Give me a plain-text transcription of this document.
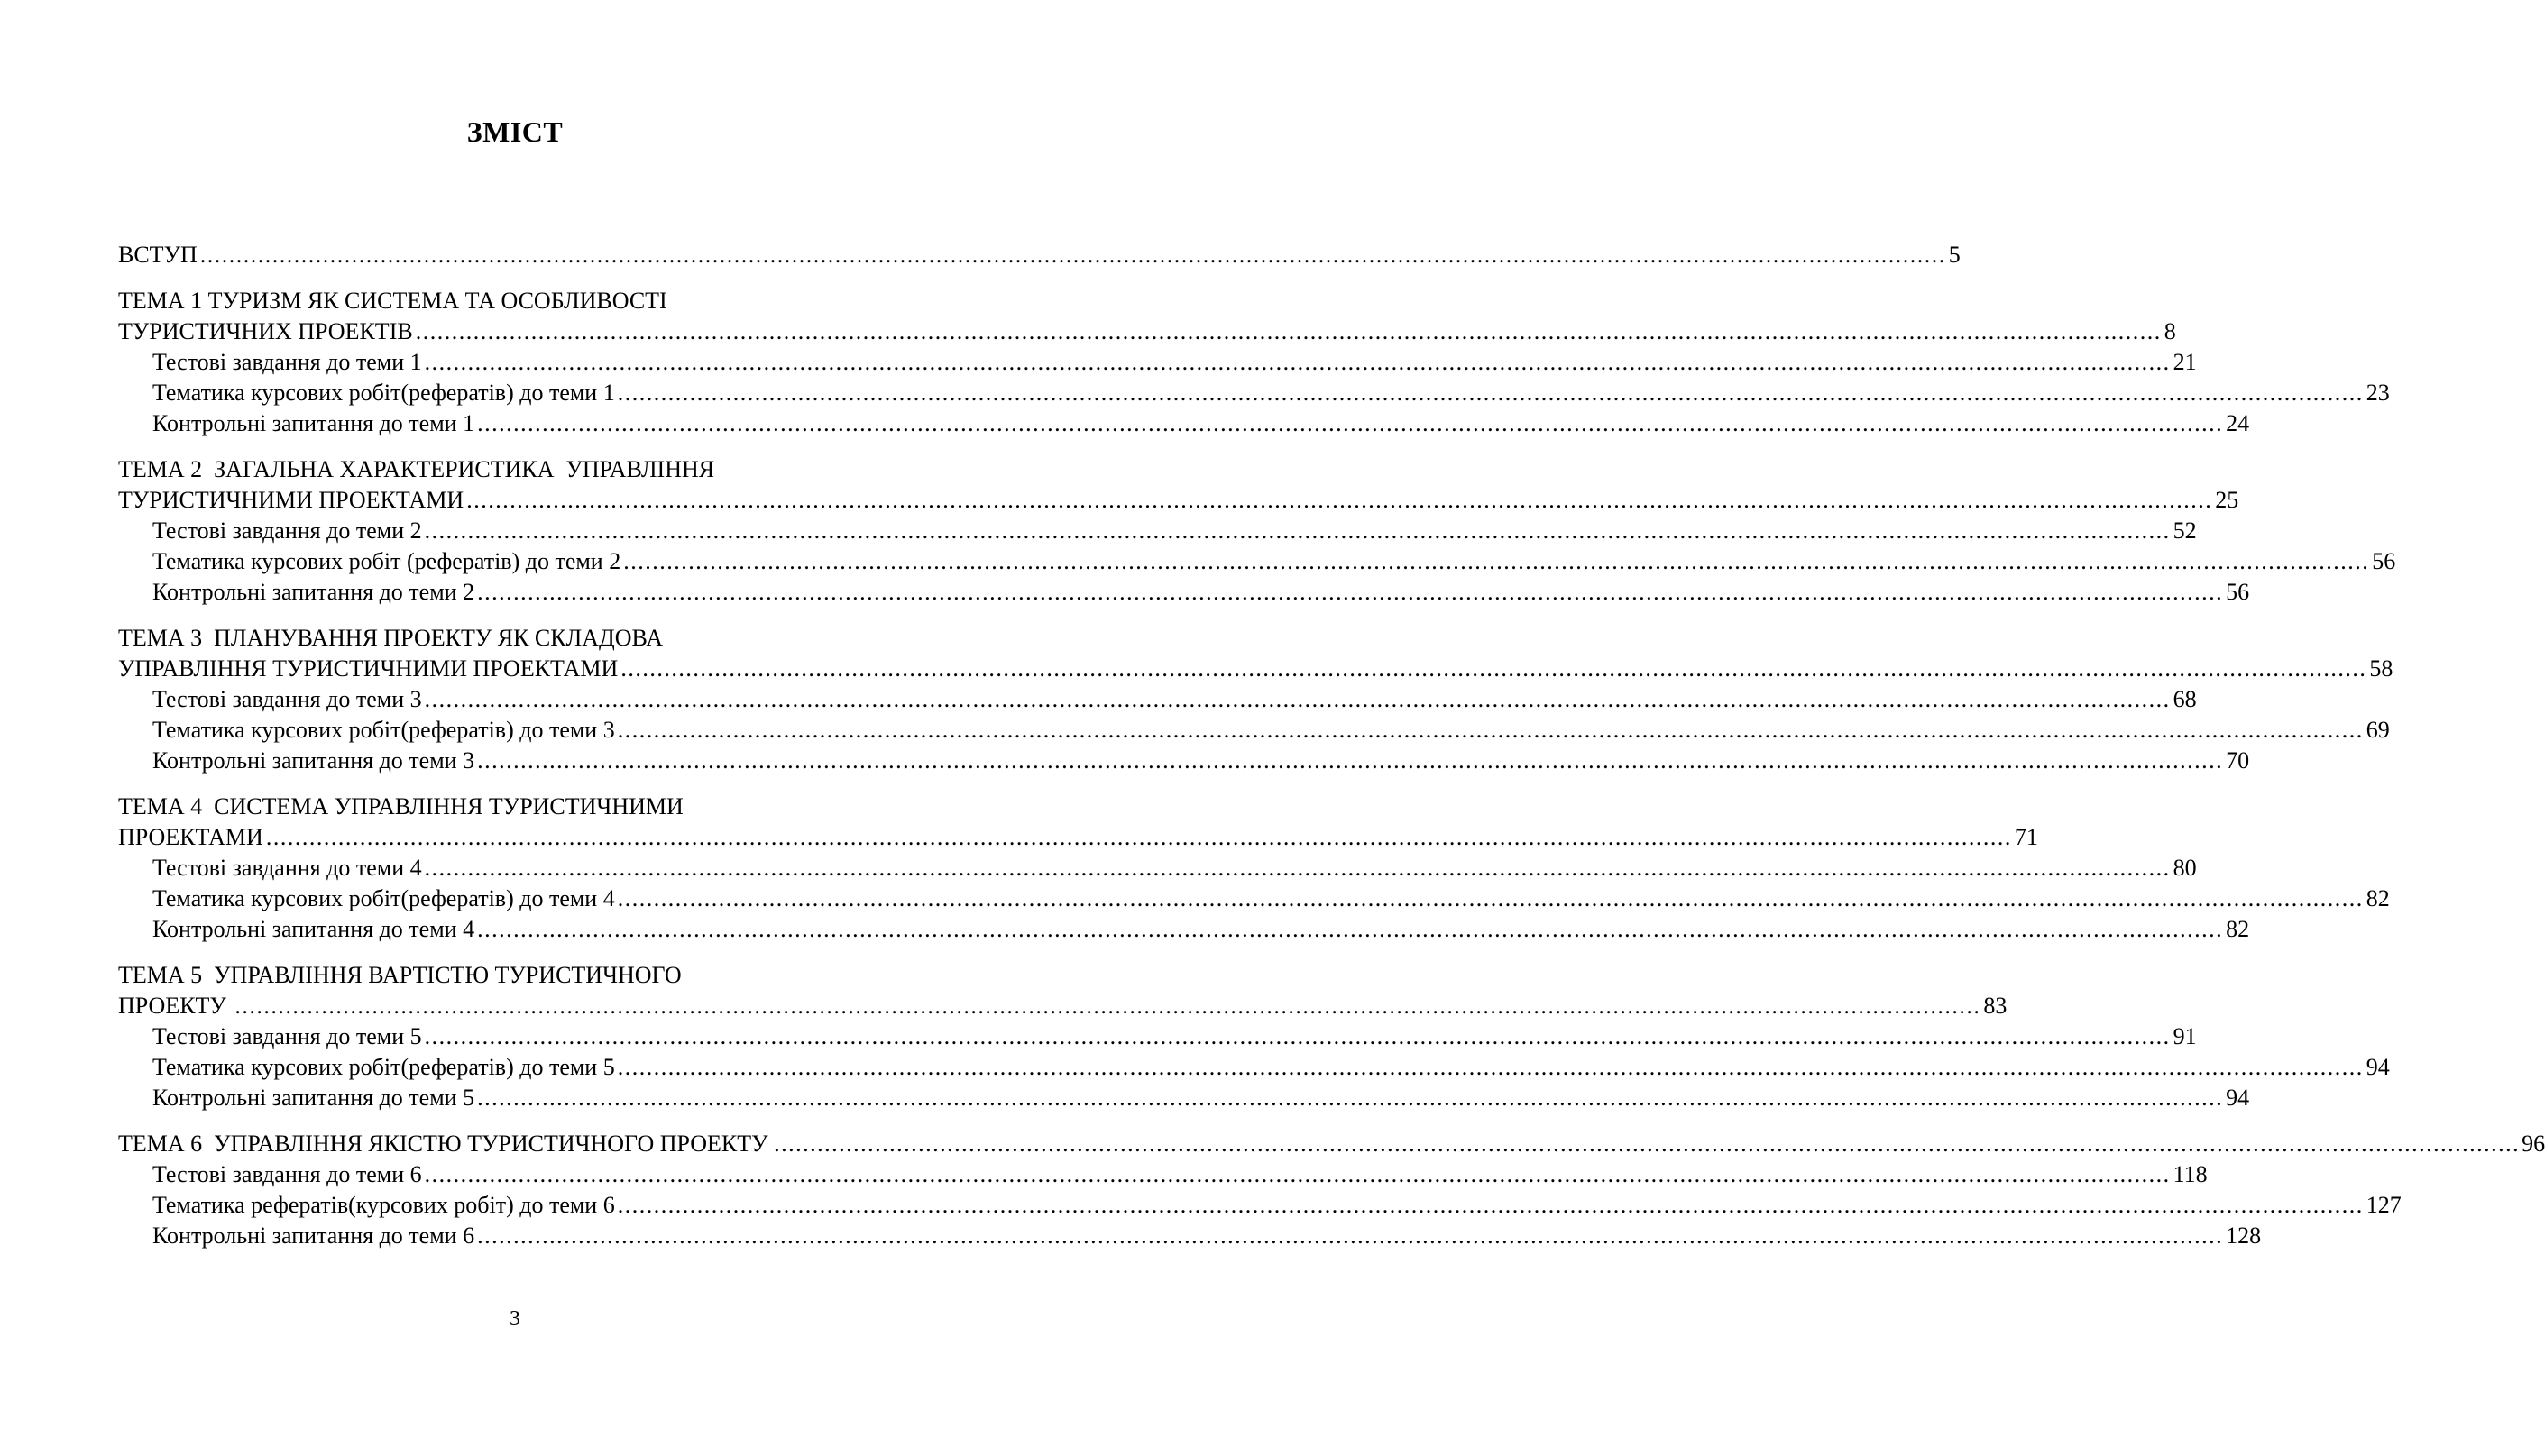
ЗМІСТ
ВСТУП .....	5
ТЕМА 1 ТУРИЗМ ЯК СИСТЕМА ТА ОСОБЛИВОСТІ
ТУРИСТИЧНИХ ПРОЕКТІВ .....	8
Тестові завдання до теми 1 .....	21
Тематика курсових робіт(рефератів) до теми 1 .....	23
Контрольні запитання до теми 1 .....	24
ТЕМА 2  ЗАГАЛЬНА ХАРАКТЕРИСТИКА  УПРАВЛІННЯ
ТУРИСТИЧНИМИ ПРОЕКТАМИ .....	25
Тестові завдання до теми 2 .....	52
Тематика курсових робіт (рефератів) до теми 2 .....	56
Контрольні запитання до теми 2 .....	56
ТЕМА 3  ПЛАНУВАННЯ ПРОЕКТУ ЯК СКЛАДОВА
УПРАВЛІННЯ ТУРИСТИЧНИМИ ПРОЕКТАМИ .....	58
Тестові завдання до теми 3 .....	68
Тематика курсових робіт(рефератів) до теми 3 .....	69
Контрольні запитання до теми 3 .....	70
ТЕМА 4  СИСТЕМА УПРАВЛІННЯ ТУРИСТИЧНИМИ
ПРОЕКТАМИ .....	71
Тестові завдання до теми 4 .....	80
Тематика курсових робіт(рефератів) до теми 4 .....	82
Контрольні запитання до теми 4 .....	82
ТЕМА 5  УПРАВЛІННЯ ВАРТІСТЮ ТУРИСТИЧНОГО
ПРОЕКТУ .....	83
Тестові завдання до теми 5 .....	91
Тематика курсових робіт(рефератів) до теми 5 .....	94
Контрольні запитання до теми 5 .....	94
ТЕМА 6  УПРАВЛІННЯ ЯКІСТЮ ТУРИСТИЧНОГО ПРОЕКТУ .....	96
Тестові завдання до теми 6 .....	118
Тематика рефератів(курсових робіт) до теми 6 .....	127
Контрольні запитання до теми 6 .....	128
3
